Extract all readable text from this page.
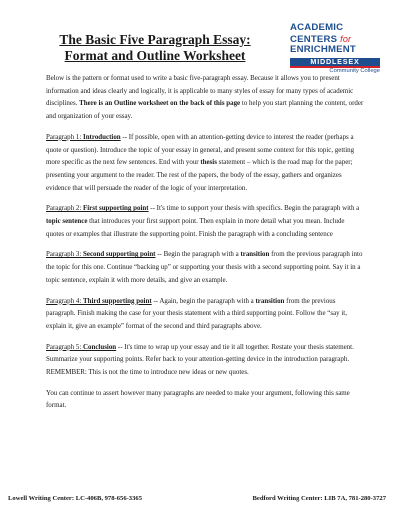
The Basic Five Paragraph Essay:
Format and Outline Worksheet
ACADEMIC
CENTERS for
ENRICHMENT
MIDDLESEX
Community College

Below is the pattern or format used to write a basic five-paragraph essay. Because it allows you to present information and ideas clearly and logically, it is applicable to many styles of essay for many types of academic disciplines. There is an Outline worksheet on the back of this page to help you start planning the content, order and organization of your essay.

Paragraph 1: Introduction -- If possible, open with an attention-getting device to interest the reader (perhaps a quote or question). Introduce the topic of your essay in general, and present some context for this topic, getting more specific as the next few sentences. End with your thesis statement – which is the road map for the paper; presenting your argument to the reader. The rest of the papers, the body of the essay, gathers and organizes evidence that will persuade the reader of the logic of your interpretation.

Paragraph 2: First supporting point -- It's time to support your thesis with specifics. Begin the paragraph with a topic sentence that introduces your first support point. Then explain in more detail what you mean. Include quotes or examples that illustrate the supporting point. Finish the paragraph with a concluding sentence

Paragraph 3: Second supporting point -- Begin the paragraph with a transition from the previous paragraph into the topic for this one. Continue “backing up” or supporting your thesis with a second supporting point. Say it in a topic sentence, explain it with more details, and give an example.

Paragraph 4: Third supporting point -- Again, begin the paragraph with a transition from the previous paragraph. Finish making the case for your thesis statement with a third supporting point. Follow the “say it, explain it, give an example” format of the second and third paragraphs above.

Paragraph 5: Conclusion -- It's time to wrap up your essay and tie it all together. Restate your thesis statement. Summarize your supporting points. Refer back to your attention-getting device in the introduction paragraph. REMEMBER: This is not the time to introduce new ideas or new quotes.

You can continue to assert however many paragraphs are needed to make your argument, following this same format.

Lowell Writing Center: LC-406B, 978-656-3365	Bedford Writing Center: LIB 7A, 781-280-3727
